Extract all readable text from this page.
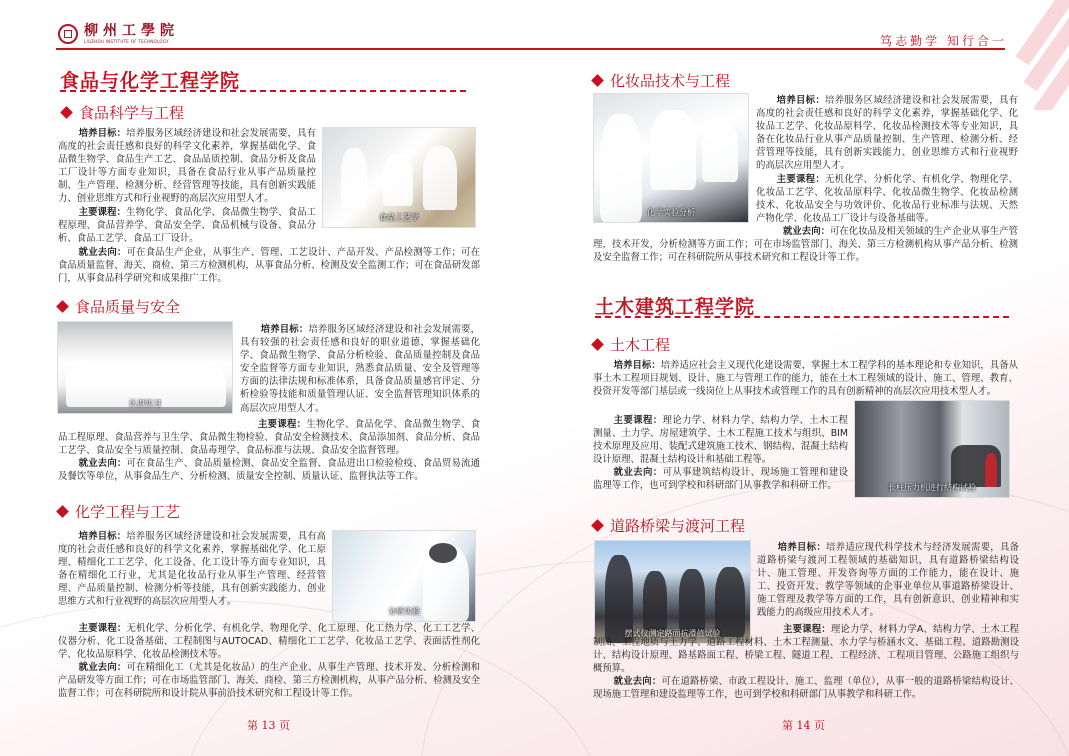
柳州工學院
LIUZHOU INSTITUTE OF TECHNOLOGY
食品与化学工程学院
食品科学与工程
食品工艺学

培养目标：培养服务区域经济建设和社会发展需要，具有高度的社会责任感和良好的科学文化素养，掌握基础化学、食品微生物学、食品生产工艺、食品品质控制、食品分析及食品工厂设计等方面专业知识，具备在食品行业从事产品质量控制、生产管理、检测分析、经营管理等技能，具有创新实践能力、创业思维方式和行业视野的高层次应用型人才。

主要课程：生物化学、食品化学、食品微生物学、食品工程原理、食品营养学、食品安全学、食品机械与设备、食品分析、食品工艺学、食品工厂设计。

就业去向：可在食品生产企业，从事生产、管理、工艺设计、产品开发、产品检测等工作；可在食品质量监督、海关、商检、第三方检测机构，从事食品分析、检测及安全监测工作；可在食品研发部门，从事食品科学研究和成果推广工作。

食品质量与安全
认识实习

培养目标：培养服务区域经济建设和社会发展需要，具有较强的社会责任感和良好的职业道德，掌握基础化学、食品微生物学、食品分析检验、食品质量控制及食品安全监督等方面专业知识，熟悉食品质量、安全及管理等方面的法律法规和标准体系，具备食品质量感官评定、分析检验等技能和质量管理认证、安全监督管理知识体系的高层次应用型人才。

主要课程：生物化学、食品化学、食品微生物学、食品工程原理、食品营养与卫生学、食品微生物检验、食品安全检测技术、食品添加剂、食品分析、食品工艺学、食品安全与质量控制、食品毒理学、食品标准与法规、食品安全监督管理。

就业去向：可在食品生产、食品质量检测、食品安全监督、食品进出口检验检疫、食品贸易流通及餐饮等单位，从事食品生产、分析检测、质量安全控制、质量认证、监督执法等工作。

化学工程与工艺
分析实验

培养目标：培养服务区域经济建设和社会发展需要，具有高度的社会责任感和良好的科学文化素养，掌握基础化学、化工原理、精细化工工艺学、化工设备、化工设计等方面专业知识，具备在精细化工行业，尤其是化妆品行业从事生产管理、经营管理、产品质量控制、检测分析等技能，具有创新实践能力、创业思维方式和行业视野的高层次应用型人才。

主要课程：无机化学、分析化学、有机化学、物理化学、化工原理、化工热力学、化工工艺学、仪器分析、化工设备基础、工程制图与AUTOCAD、精细化工工艺学、化妆品工艺学、表面活性剂化学、化妆品原料学、化妆品检测技术等。

就业去向：可在精细化工（尤其是化妆品）的生产企业、从事生产管理、技术开发、分析检测和产品研发等方面工作；可在市场监管部门、海关、商检、第三方检测机构，从事产品分析、检测及安全监督工作；可在科研院所和设计院从事前沿技术研究和工程设计等工作。

第 13 页
笃志勤学 知行合一
化妆品技术与工程
化学实验分析

培养目标：培养服务区域经济建设和社会发展需要，具有高度的社会责任感和良好的科学文化素养，掌握基础化学、化妆品工艺学、化妆品原料学、化妆品检测技术等专业知识，具备在化妆品行业从事产品质量控制、生产管理、检测分析、经营管理等技能，具有创新实践能力、创业思维方式和行业视野的高层次应用型人才。

主要课程：无机化学、分析化学、有机化学、物理化学、化妆品工艺学、化妆品原料学、化妆品微生物学、化妆品检测技术、化妆品安全与功效评价、化妆品行业标准与法规、天然产物化学、化妆品工厂设计与设备基础等。

就业去向：可在化妆品及相关领域的生产企业从事生产管理，技术开发，分析检测等方面工作；可在市场监管部门、海关、第三方检测机构从事产品分析、检测及安全监督工作；可在科研院所从事技术研究和工程设计等工作。

土木建筑工程学院
土木工程
长柱压力机进行结构试验

培养目标：培养适应社会主义现代化建设需要，掌握土木工程学科的基本理论和专业知识，具备从事土木工程项目规划、设计、施工与管理工作的能力，能在土木工程领域的设计、施工、管理、教育、投资开发等部门基层或一线岗位上从事技术或管理工作的具有创新精神的高层次应用技术型人才。

主要课程：理论力学、材料力学、结构力学、土木工程测量、土力学、房屋建筑学、土木工程施工技术与组织、BIM技术原理及应用、装配式建筑施工技术、钢结构、混凝土结构设计原理、混凝土结构设计和基础工程等。

就业去向：可从事建筑结构设计、现场施工管理和建设监理等工作，也可到学校和科研部门从事教学和科研工作。

道路桥梁与渡河工程
摆式仪测定路面抗滑值试验

培养目标：培养适应现代科学技术与经济发展需要，具备道路桥梁与渡河工程领域的基础知识，具有道路桥梁结构设计、施工管理、开发咨询等方面的工作能力，能在设计、施工、投资开发、教学等领域的企事业单位从事道路桥梁设计、施工管理及教学等方面的工作，具有创新意识、创业精神和实践能力的高级应用技术人才。

主要课程：理论力学、材料力学A、结构力学、土木工程制图、工程地质与土力学、道路工程材料、土木工程测量、水力学与桥涵水文、基础工程、道路勘测设计、结构设计原理、路基路面工程、桥梁工程、隧道工程、工程经济、工程项目管理、公路施工组织与概预算。

就业去向：可在道路桥梁、市政工程设计、施工、监理（单位），从事一般的道路桥梁结构设计、现场施工管理和建设监理等工作，也可到学校和科研部门从事教学和科研工作。

第 14 页
